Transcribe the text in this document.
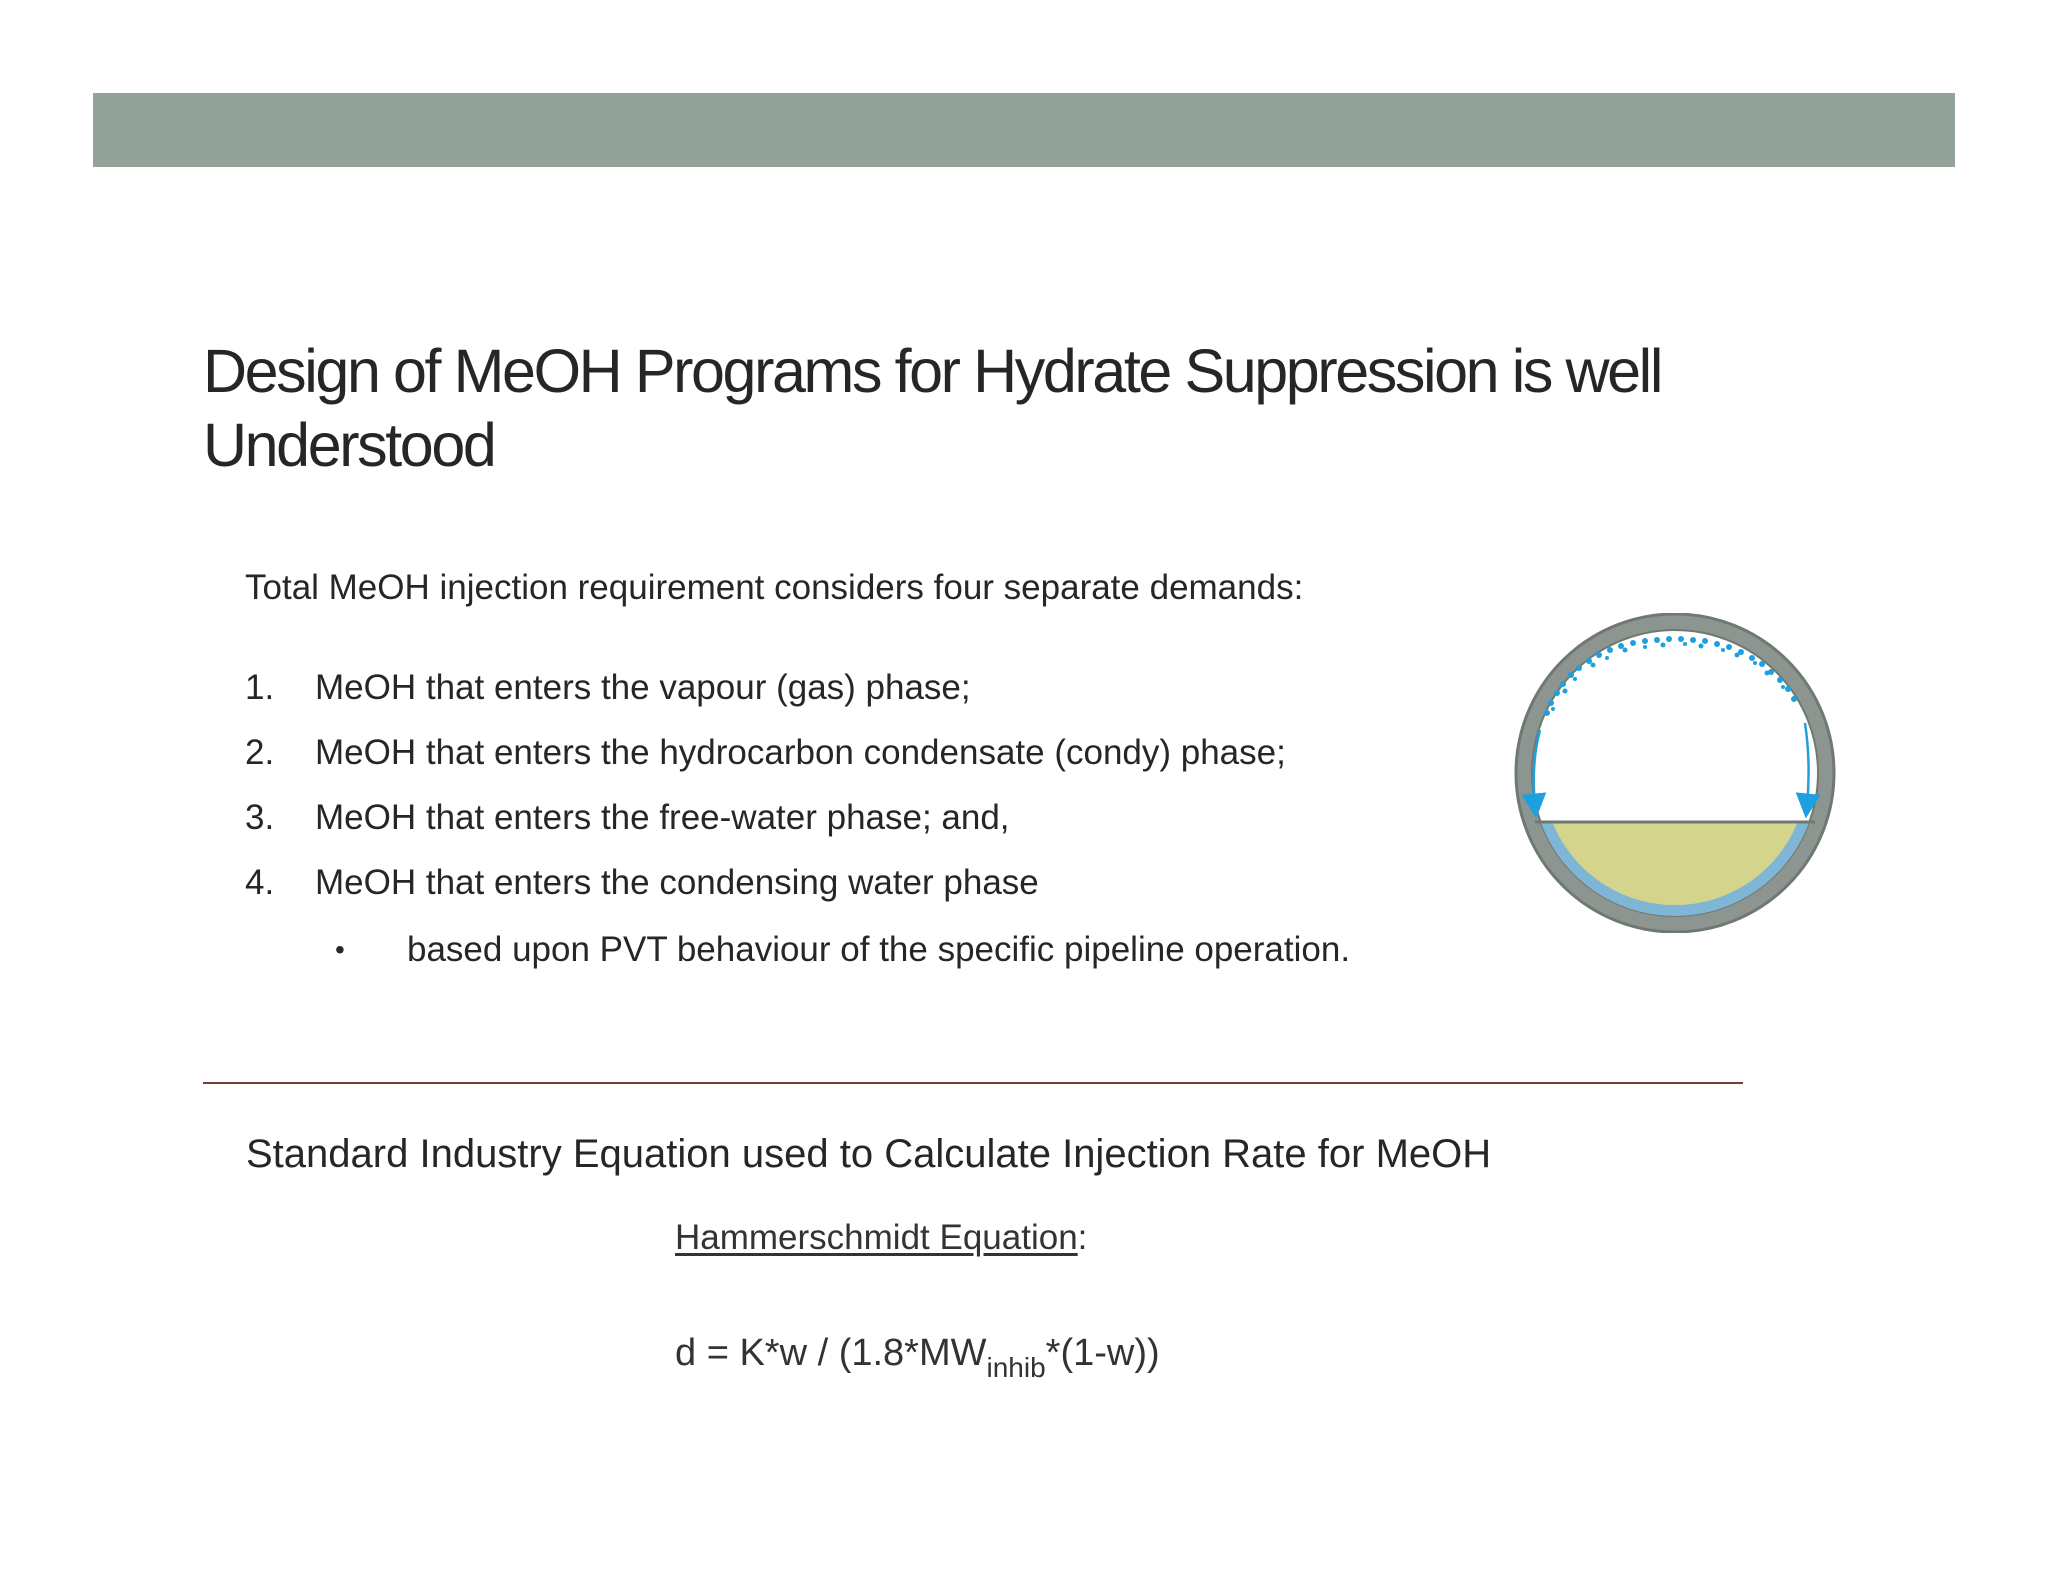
Design of MeOH Programs for Hydrate Suppression is well Understood

Total MeOH injection requirement considers four separate demands:

1.	MeOH that enters the vapour (gas) phase;
2.	MeOH that enters the hydrocarbon condensate (condy) phase;
3.	MeOH that enters the free-water phase; and,
4.	MeOH that enters the condensing water phase
•	based upon PVT behaviour of the specific pipeline operation.
Standard Industry Equation used to Calculate Injection Rate for MeOH
Hammerschmidt Equation:
$d = K*w / (1.8*MW_{inhib}*(1-w))$
